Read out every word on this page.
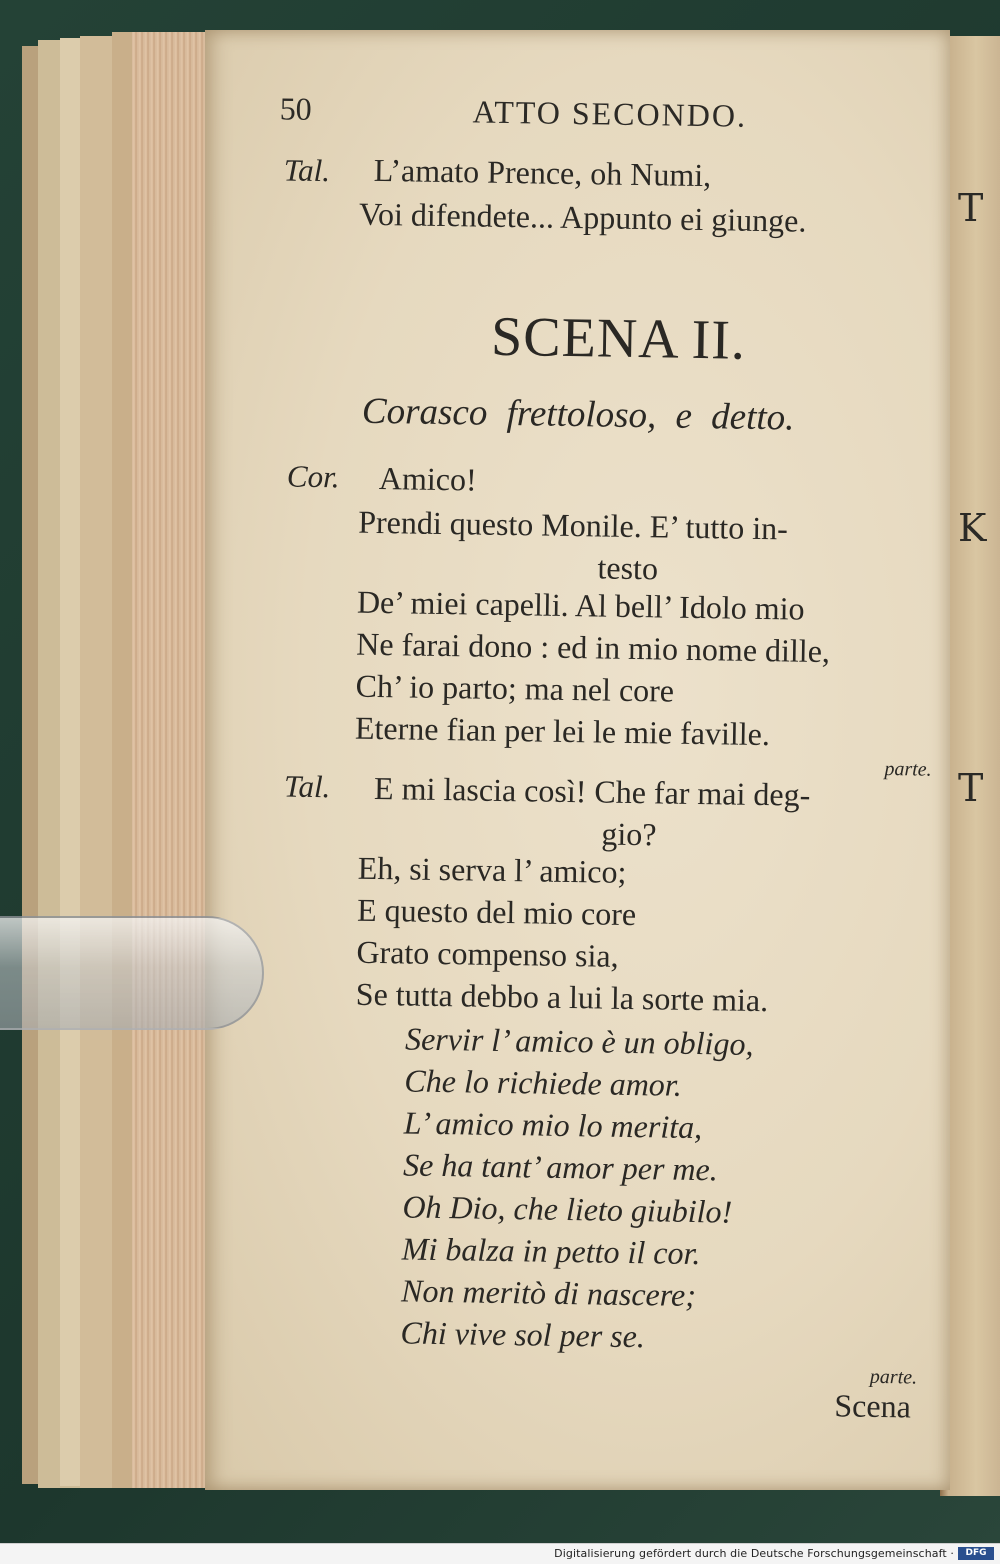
T
K
T
50	ATTO SECONDO.
Tal. L’amato Prence, oh Numi,
Voi difendete... Appunto ei giunge.
SCENA II.
Corasco frettoloso, e detto.
Cor. Amico!
Prendi questo Monile. E’ tutto in-
testo
De’ miei capelli. Al bell’ Idolo mio
Ne farai dono : ed in mio nome dille,
Ch’ io parto; ma nel core
Eterne fian per lei le mie faville.
parte.
Tal. E mi lascia così! Che far mai deg-
gio?
Eh, si serva l’ amico;
E questo del mio core
Grato compenso sia,
Se tutta debbo a lui la sorte mia.
Servir l’ amico è un obligo,
Che lo richiede amor.
L’ amico mio lo merita,
Se ha tant’ amor per me.
Oh Dio, che lieto giubilo!
Mi balza in petto il cor.
Non meritò di nascere;
Chi vive sol per se.
parte.
Scena
Digitalisierung gefördert durch die Deutsche Forschungsgemeinschaft ·	DFG
